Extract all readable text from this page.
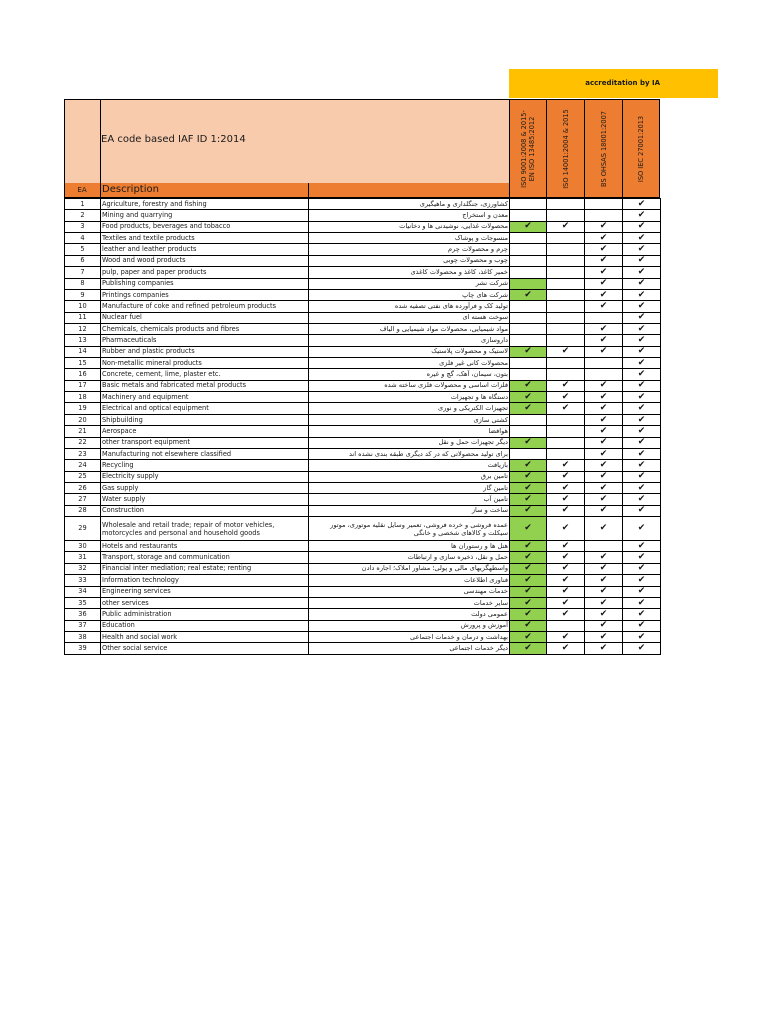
accreditation by IA
EA code based IAF ID 1:2014
EA	Description
ISO 9001:2008 & 2015-
EN ISO 13485:2012	ISO 14001:2004 & 2015	BS OHSAS 18001:2007	ISO IEC 27001:2013
1	Agriculture, forestry and fishing	کشاورزی، جنگلداری و ماهیگیری				✔
2	Mining and quarrying	معدن و استخراج				✔
3	Food products, beverages and tobacco	محصولات غذایی، نوشیدنی ها و دخانیات	✔	✔	✔	✔
4	Textiles and textile products	منسوجات و پوشاک			✔	✔
5	leather and leather products	چرم و محصولات چرم			✔	✔
6	Wood and wood products	چوب و محصولات چوبی			✔	✔
7	pulp, paper and paper products	خمیر کاغذ، کاغذ و محصولات کاغذی			✔	✔
8	Publishing companies	شرکت نشر			✔	✔
9	Printings companies	شرکت های چاپ	✔		✔	✔
10	Manufacture of coke and refined petroleum products	تولید کک و فرآورده های نفتی تصفیه شده			✔	✔
11	Nuclear fuel	سوخت هسته ای				✔
12	Chemicals, chemicals products and fibres	مواد شیمیایی، محصولات مواد شیمیایی و الیاف			✔	✔
13	Pharmaceuticals	داروسازی			✔	✔
14	Rubber and plastic products	لاستیک و محصولات پلاستیک	✔	✔	✔	✔
15	Non-metallic mineral products	محصولات کانی غیر فلزی				✔
16	Concrete, cement, lime, plaster etc.	بتون، سیمان، آهک، گچ و غیره				✔
17	Basic metals and fabricated metal products	فلزات اساسی و محصولات فلزی ساخته شده	✔	✔	✔	✔
18	Machinery and equipment	دستگاه ها و تجهیزات	✔	✔	✔	✔
19	Electrical and optical equipment	تجهیزات الکتریکی و نوری	✔	✔	✔	✔
20	Shipbuilding	کشتی سازی			✔	✔
21	Aerospace	هوافضا			✔	✔
22	other transport equipment	دیگر تجهیزات حمل و نقل	✔		✔	✔
23	Manufacturing not elsewhere classified	برای تولید محصولاتی که در کد دیگری طبقه بندی نشده اند			✔	✔
24	Recycling	بازیافت	✔	✔	✔	✔
25	Electricity supply	تامین برق	✔	✔	✔	✔
26	Gas supply	تامین گاز	✔	✔	✔	✔
27	Water supply	تامین آب	✔	✔	✔	✔
28	Construction	ساخت و ساز	✔	✔	✔	✔
29	Wholesale and retail trade; repair of motor vehicles, motorcycles and personal and household goods	عمده فروشی و خرده فروشی، تعمیر وسایل نقلیه موتوری، موتور سیکلت و کالاهای شخصی و خانگی	✔	✔	✔	✔
30	Hotels and restaurants	هتل ها و رستوران ها	✔	✔		✔
31	Transport, storage and communication	حمل و نقل، ذخیره سازی و ارتباطات	✔	✔	✔	✔
32	Financial inter mediation; real estate; renting	واسطهگریهای مالی و پولی؛ مشاور املاک؛ اجاره دادن	✔	✔	✔	✔
33	Information technology	فناوری اطلاعات	✔	✔	✔	✔
34	Engineering services	خدمات مهندسی	✔	✔	✔	✔
35	other services	سایر خدمات	✔	✔	✔	✔
36	Public administration	عمومی دولت	✔	✔	✔	✔
37	Education	آموزش و پرورش	✔		✔	✔
38	Health and social work	بهداشت و درمان و خدمات اجتماعی	✔	✔	✔	✔
39	Other social service	دیگر خدمات اجتماعی	✔	✔	✔	✔
